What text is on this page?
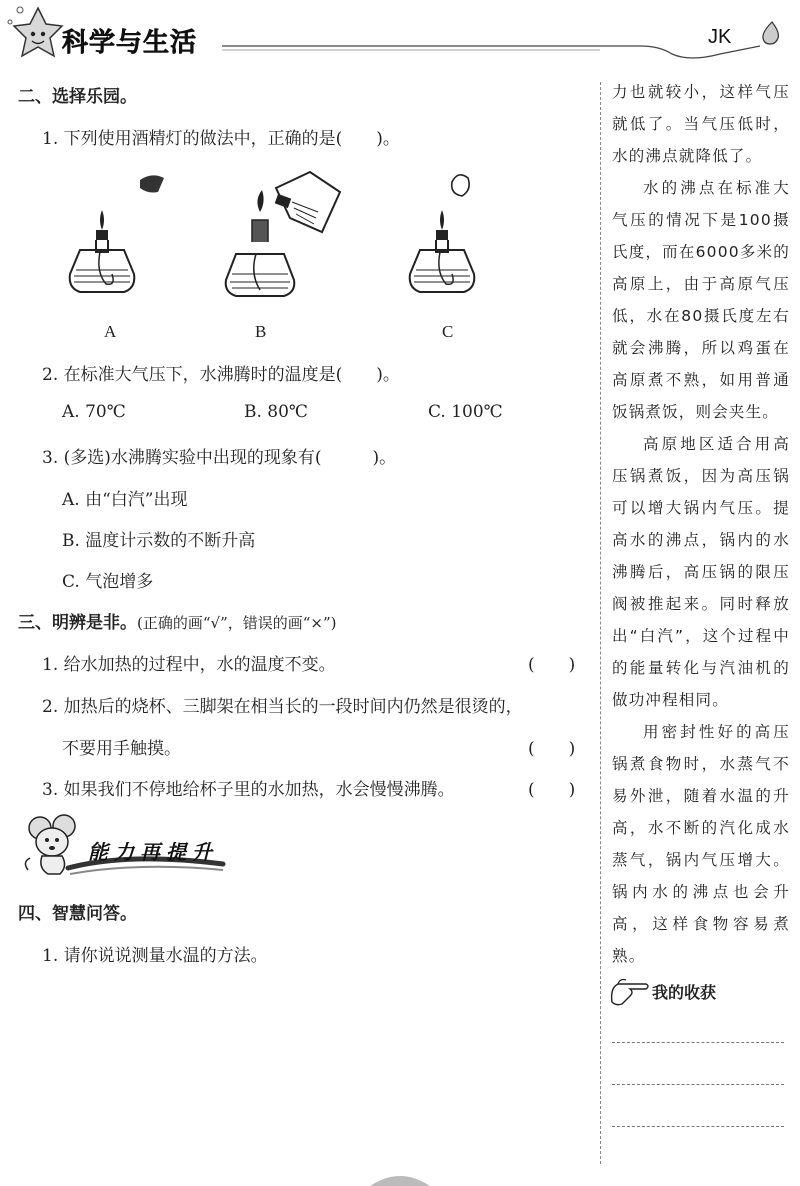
科学与生活	JK
二、选择乐园。
1. 下列使用酒精灯的做法中，正确的是(　　)。
A	B	C
2. 在标准大气压下，水沸腾时的温度是(　　)。
A. 70℃	B. 80℃	C. 100℃
3. (多选)水沸腾实验中出现的现象有(　　　)。
A. 由“白汽”出现
B. 温度计示数的不断升高
C. 气泡增多
三、明辨是非。(正确的画“√”，错误的画“×”)
1. 给水加热的过程中，水的温度不变。	(　　)
2. 加热后的烧杯、三脚架在相当长的一段时间内仍然是很烫的，
不要用手触摸。	(　　)
3. 如果我们不停地给杯子里的水加热，水会慢慢沸腾。	(　　)
能力再提升
四、智慧问答。
1. 请你说说测量水温的方法。

力也就较小，这样气压就低了。当气压低时，水的沸点就降低了。

水的沸点在标准大气压的情况下是100摄氏度，而在6000多米的高原上，由于高原气压低，水在80摄氏度左右就会沸腾，所以鸡蛋在高原煮不熟，如用普通饭锅煮饭，则会夹生。

高原地区适合用高压锅煮饭，因为高压锅可以增大锅内气压。提高水的沸点，锅内的水沸腾后，高压锅的限压阀被推起来。同时释放出“白汽”，这个过程中的能量转化与汽油机的做功冲程相同。

用密封性好的高压锅煮食物时，水蒸气不易外泄，随着水温的升高，水不断的汽化成水蒸气，锅内气压增大。锅内水的沸点也会升高，这样食物容易煮熟。

我的收获
